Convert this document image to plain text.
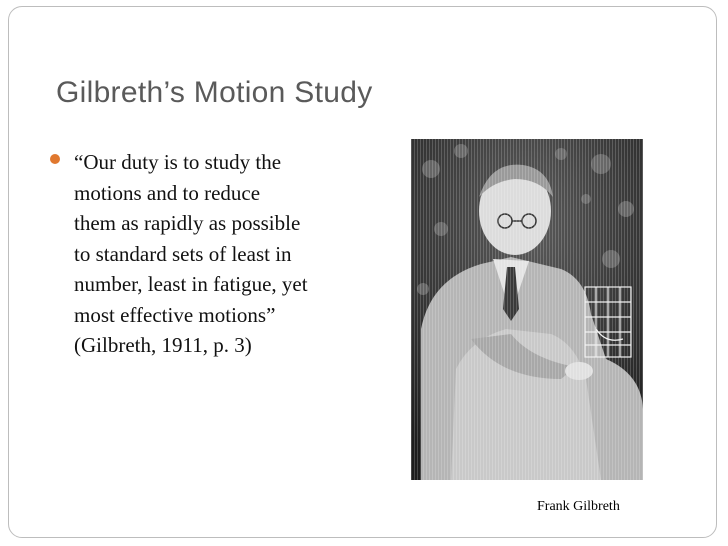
Gilbreth’s Motion Study
“Our duty is to study the
motions and to reduce
them as rapidly as possible
to standard sets of least in
number, least in fatigue, yet
most effective motions”
(Gilbreth, 1911, p. 3)
Frank Gilbreth
